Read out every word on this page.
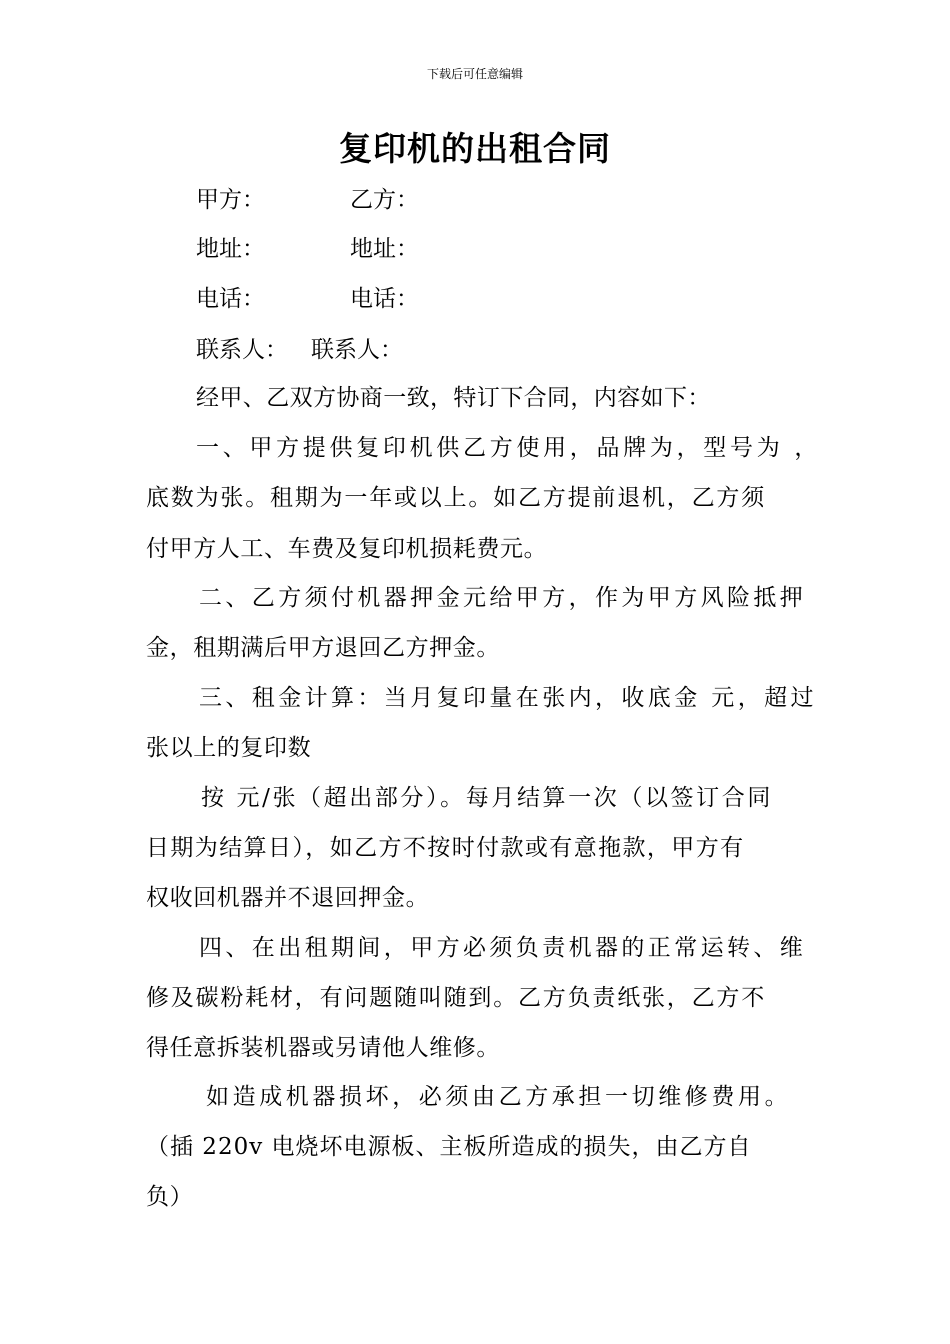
下载后可任意编辑
复印机的出租合同
甲方：	乙方：
地址：	地址：
电话：	电话：
联系人： 联系人：
经甲、乙双方协商一致，特订下合同，内容如下：
一、甲方提供复印机供乙方使用，品牌为，型号为 ，
底数为张。租期为一年或以上。如乙方提前退机，乙方须
付甲方人工、车费及复印机损耗费元。
二、乙方须付机器押金元给甲方，作为甲方风险抵押
金，租期满后甲方退回乙方押金。
三、租金计算：当月复印量在张内，收底金 元，超过
张以上的复印数
按 元/张（超出部分）。每月结算一次（以签订合同
日期为结算日），如乙方不按时付款或有意拖款，甲方有
权收回机器并不退回押金。
四、在出租期间，甲方必须负责机器的正常运转、维
修及碳粉耗材，有问题随叫随到。乙方负责纸张，乙方不
得任意拆装机器或另请他人维修。
如造成机器损坏，必须由乙方承担一切维修费用。
（插 220v 电烧坏电源板、主板所造成的损失，由乙方自
负）
